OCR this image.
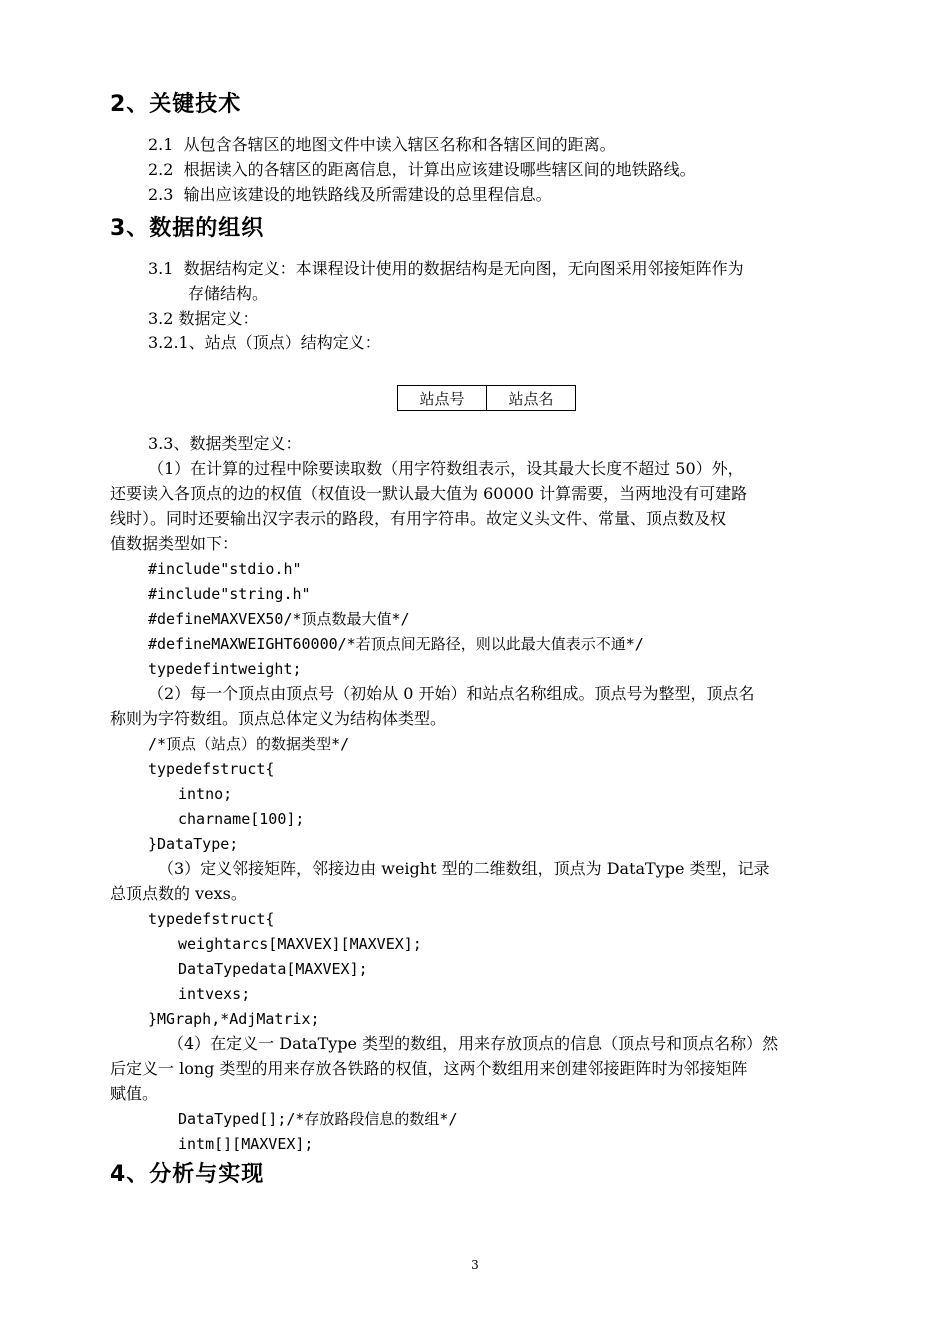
2、关键技术
2.1  从包含各辖区的地图文件中读入辖区名称和各辖区间的距离。
2.2  根据读入的各辖区的距离信息，计算出应该建设哪些辖区间的地铁路线。
2.3  输出应该建设的地铁路线及所需建设的总里程信息。
3、数据的组织
3.1  数据结构定义：本课程设计使用的数据结构是无向图，无向图采用邻接矩阵作为
存储结构。
3.2 数据定义：
3.2.1、站点（顶点）结构定义：
站点号	站点名
3.3、数据类型定义：
（1）在计算的过程中除要读取数（用字符数组表示，设其最大长度不超过 50）外，
还要读入各顶点的边的权值（权值设一默认最大值为 60000 计算需要，当两地没有可建路
线时）。同时还要输出汉字表示的路段，有用字符串。故定义头文件、常量、顶点数及权
值数据类型如下：
#include"stdio.h"
#include"string.h"
#defineMAXVEX50/*顶点数最大值*/
#defineMAXWEIGHT60000/*若顶点间无路径，则以此最大值表示不通*/
typedefintweight;
（2）每一个顶点由顶点号（初始从 0 开始）和站点名称组成。顶点号为整型，顶点名
称则为字符数组。顶点总体定义为结构体类型。
/*顶点（站点）的数据类型*/
typedefstruct{
intno;
charname[100];
}DataType;
（3）定义邻接矩阵，邻接边由 weight 型的二维数组，顶点为 DataType 类型，记录
总顶点数的 vexs。
typedefstruct{
weightarcs[MAXVEX][MAXVEX];
DataTypedata[MAXVEX];
intvexs;
}MGraph,*AdjMatrix;
（4）在定义一 DataType 类型的数组，用来存放顶点的信息（顶点号和顶点名称）然
后定义一 long 类型的用来存放各铁路的权值，这两个数组用来创建邻接距阵时为邻接矩阵
赋值。
DataTyped[];/*存放路段信息的数组*/
intm[][MAXVEX];
4、分析与实现
3
